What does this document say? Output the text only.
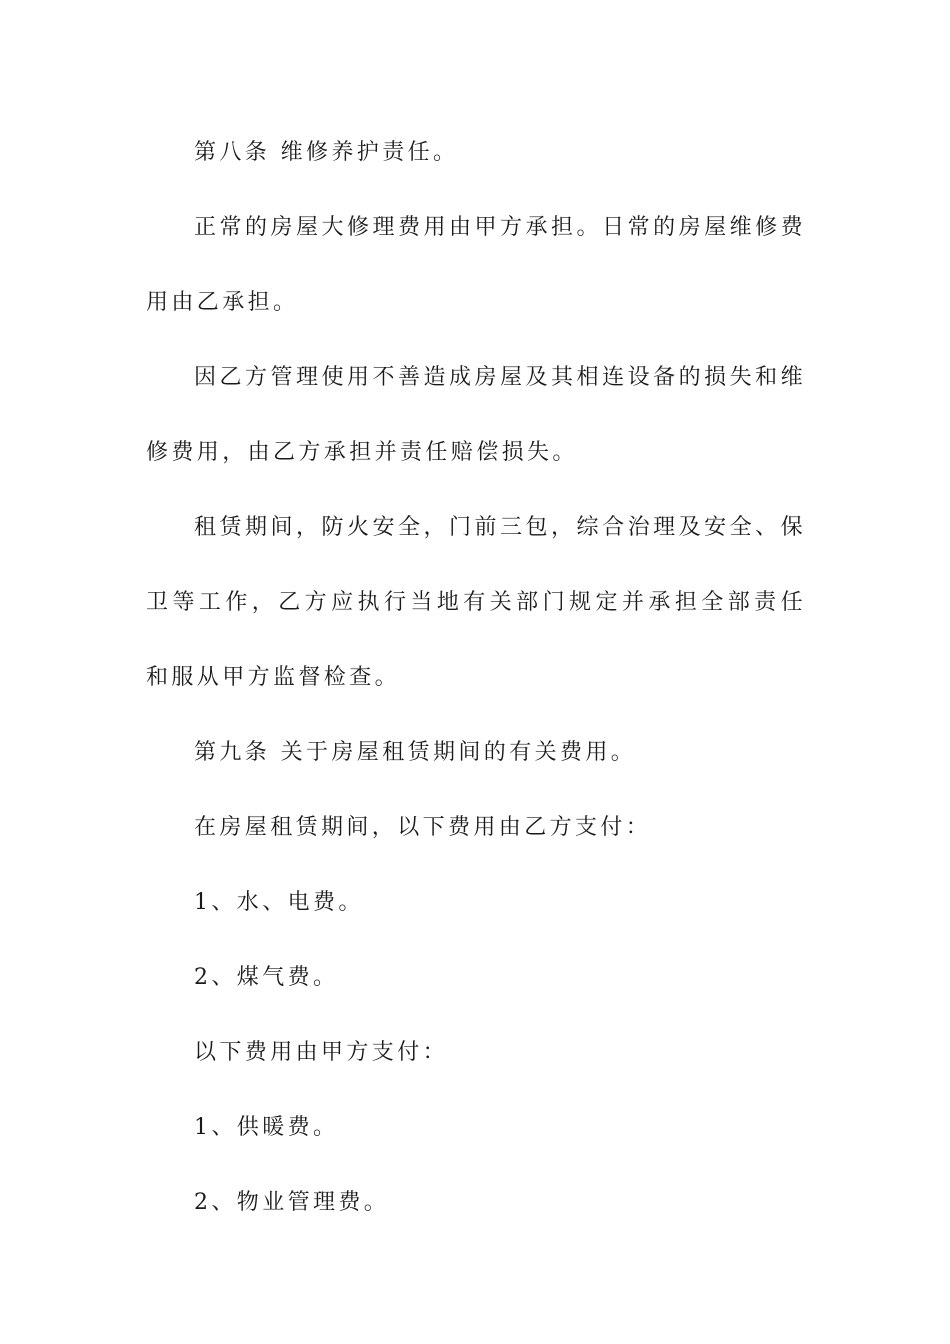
第八条 维修养护责任。

正常的房屋大修理费用由甲方承担。日常的房屋维修费用由乙承担。

因乙方管理使用不善造成房屋及其相连设备的损失和维修费用，由乙方承担并责任赔偿损失。

租赁期间，防火安全，门前三包，综合治理及安全、保卫等工作，乙方应执行当地有关部门规定并承担全部责任和服从甲方监督检查。

第九条 关于房屋租赁期间的有关费用。

在房屋租赁期间，以下费用由乙方支付：

1、水、电费。

2、煤气费。

以下费用由甲方支付：

1、供暖费。

2、物业管理费。
